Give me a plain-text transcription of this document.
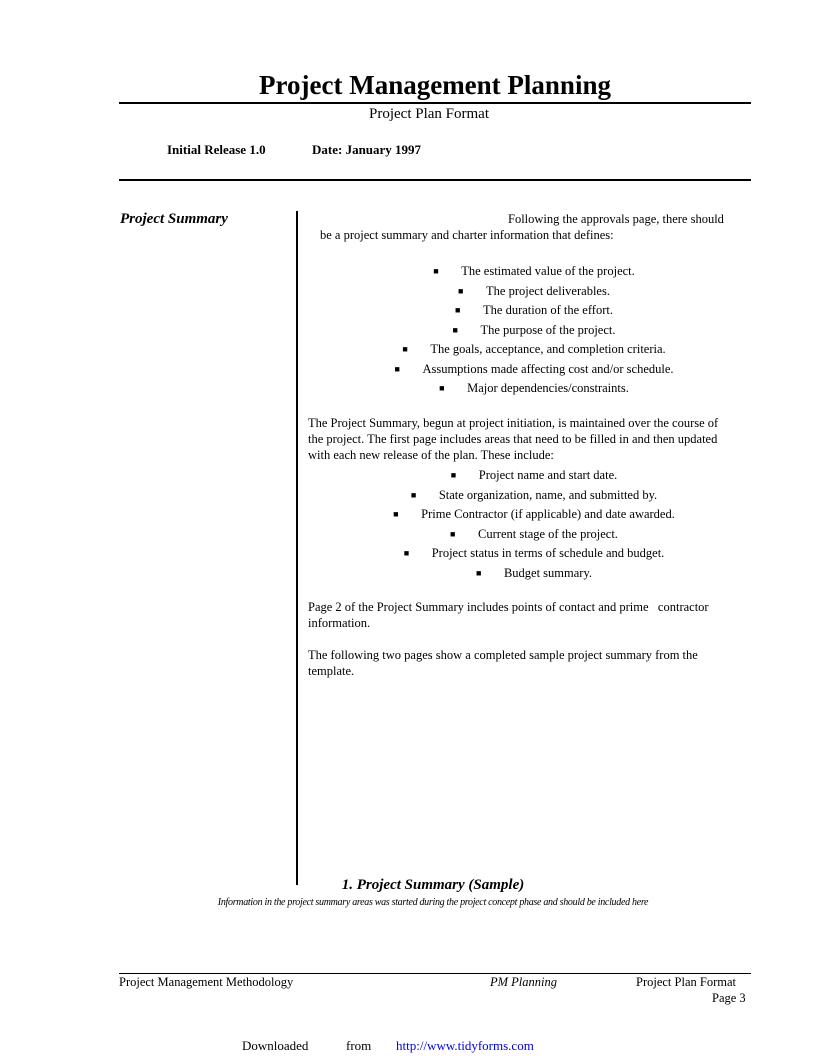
Project Management Planning
Project Plan Format
Initial Release 1.0	Date: January 1997
Project Summary	Following the approvals page, there should
be a project summary and charter information that defines:
■ The estimated value of the project.
■ The project deliverables.
■ The duration of the effort.
■ The purpose of the project.
■ The goals, acceptance, and completion criteria.
■ Assumptions made affecting cost and/or schedule.
■ Major dependencies/constraints.
The Project Summary, begun at project initiation, is maintained over the course of
the project. The first page includes areas that need to be filled in and then updated
with each new release of the plan. These include:
■ Project name and start date.
■ State organization, name, and submitted by.
■ Prime Contractor (if applicable) and date awarded.
■ Current stage of the project.
■ Project status in terms of schedule and budget.
■ Budget summary.
Page 2 of the Project Summary includes points of contact and prime   contractor
information.
The following two pages show a completed sample project summary from the
template.
1. Project Summary (Sample)
Information in the project summary areas was started during the project concept phase and should be included here
Project Management Methodology	PM Planning	Project Plan Format
Page 3
Downloaded	from http://www.tidyforms.com
